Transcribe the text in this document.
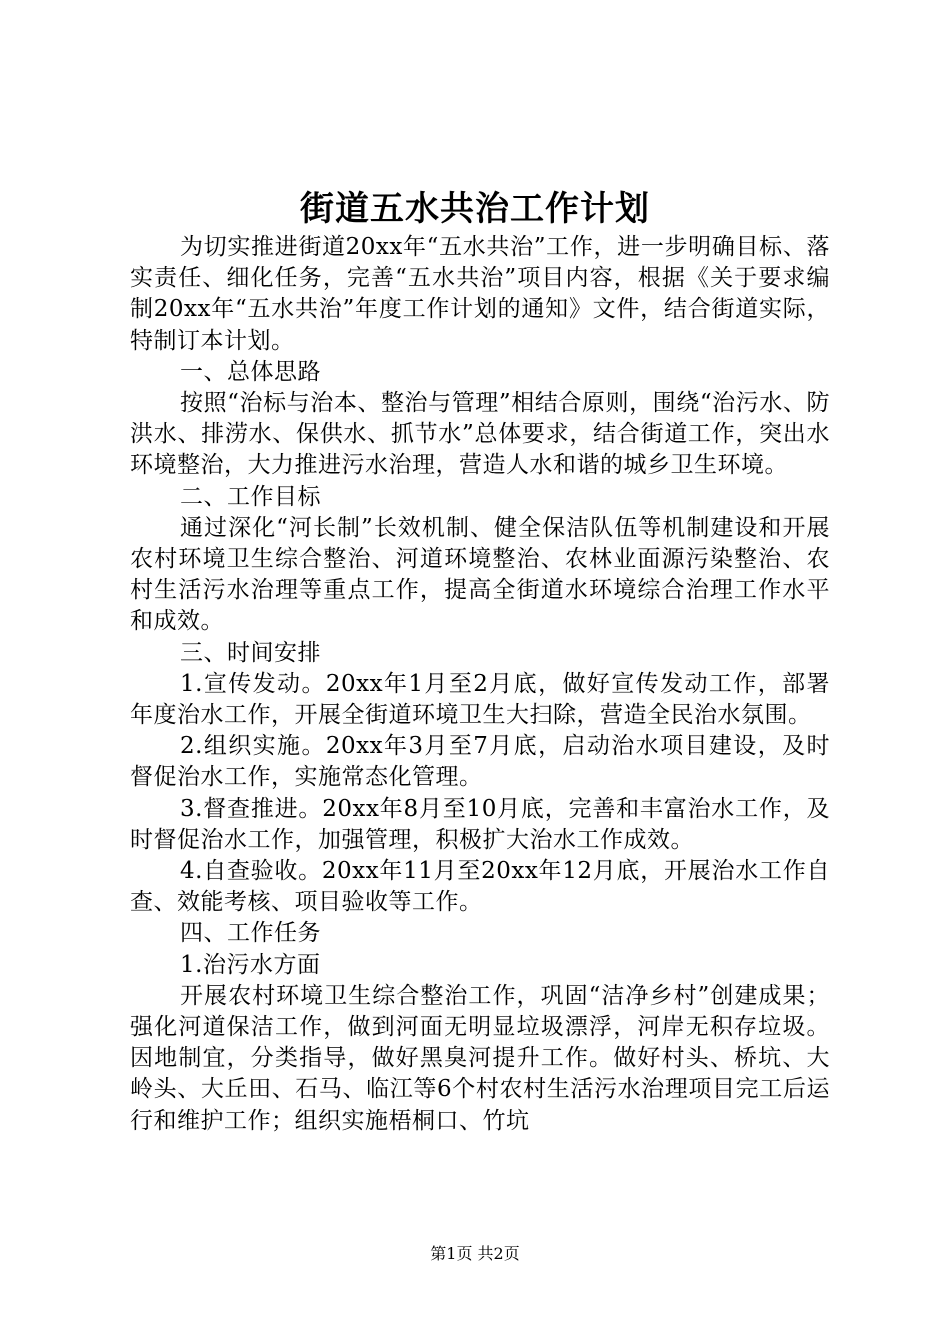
街道五水共治工作计划

为切实推进街道20xx年“五水共治”工作，进一步明确目标、落实责任、细化任务，完善“五水共治”项目内容，根据《关于要求编制20xx年“五水共治”年度工作计划的通知》文件，结合街道实际，特制订本计划。

一、总体思路

按照“治标与治本、整治与管理”相结合原则，围绕“治污水、防洪水、排涝水、保供水、抓节水”总体要求，结合街道工作，突出水环境整治，大力推进污水治理，营造人水和谐的城乡卫生环境。

二、工作目标

通过深化“河长制”长效机制、健全保洁队伍等机制建设和开展农村环境卫生综合整治、河道环境整治、农林业面源污染整治、农村生活污水治理等重点工作，提高全街道水环境综合治理工作水平和成效。

三、时间安排

1.宣传发动。20xx年1月至2月底，做好宣传发动工作，部署年度治水工作，开展全街道环境卫生大扫除，营造全民治水氛围。

2.组织实施。20xx年3月至7月底，启动治水项目建设，及时督促治水工作，实施常态化管理。

3.督查推进。20xx年8月至10月底，完善和丰富治水工作，及时督促治水工作，加强管理，积极扩大治水工作成效。

4.自查验收。20xx年11月至20xx年12月底，开展治水工作自查、效能考核、项目验收等工作。

四、工作任务

1.治污水方面

开展农村环境卫生综合整治工作，巩固“洁净乡村”创建成果；强化河道保洁工作，做到河面无明显垃圾漂浮，河岸无积存垃圾。因地制宜，分类指导，做好黑臭河提升工作。做好村头、桥坑、大岭头、大丘田、石马、临江等6个村农村生活污水治理项目完工后运行和维护工作；组织实施梧桐口、竹坑

第1页 共2页
